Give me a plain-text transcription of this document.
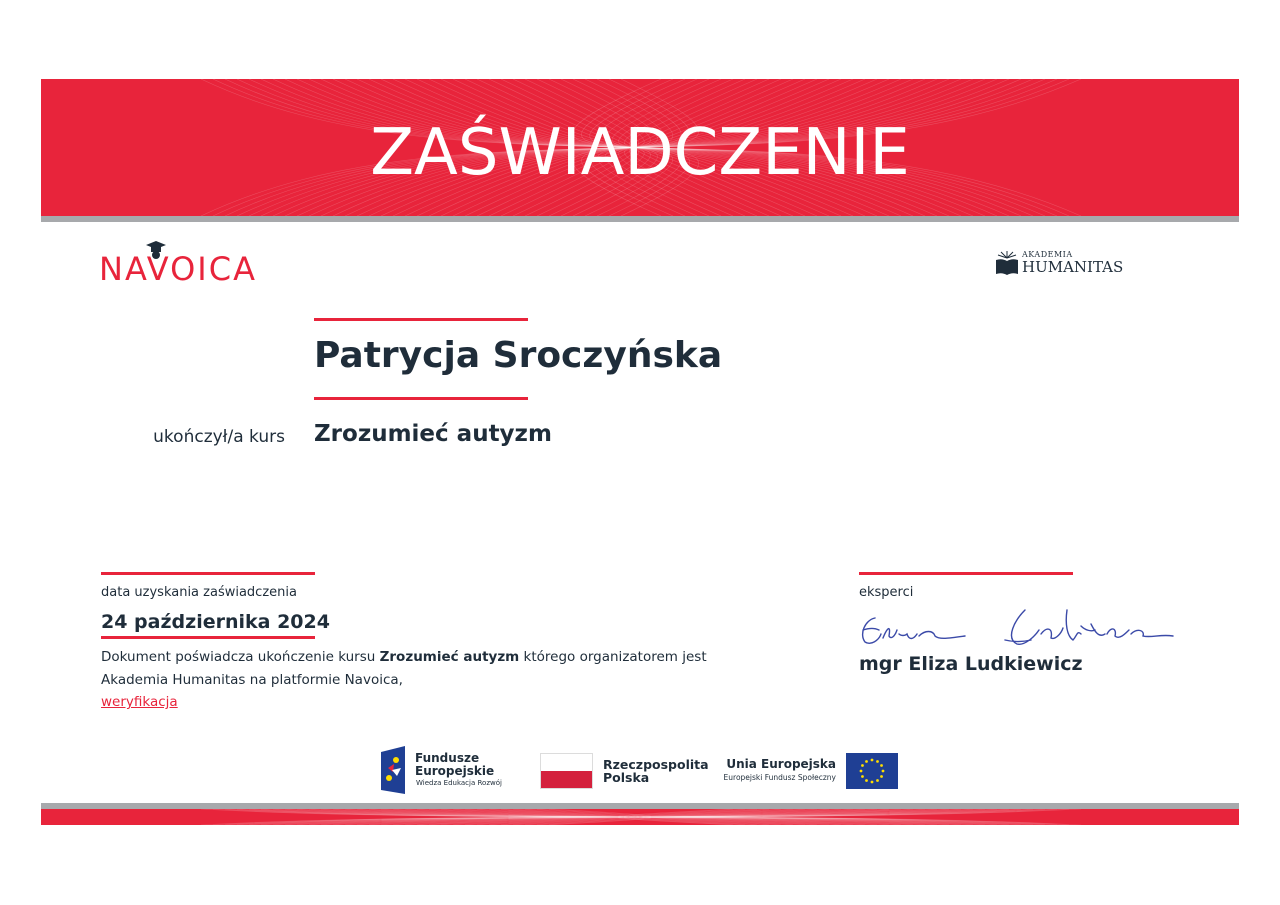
ZAŚWIADCZENIE
NAVOICA	AKADEMIA
HUMANITAS
Patrycja Sroczyńska
ukończył/a kurs Zrozumieć autyzm
data uzyskania zaświadczenia
24 października 2024
Dokument poświadcza ukończenie kursu Zrozumieć autyzm którego organizatorem jest Akademia Humanitas na platformie Navoica,
weryfikacja
eksperci
mgr Eliza Ludkiewicz
Fundusze
Europejskie
Wiedza Edukacja Rozwój
Rzeczpospolita
Polska
Unia Europejska
Europejski Fundusz Społeczny
